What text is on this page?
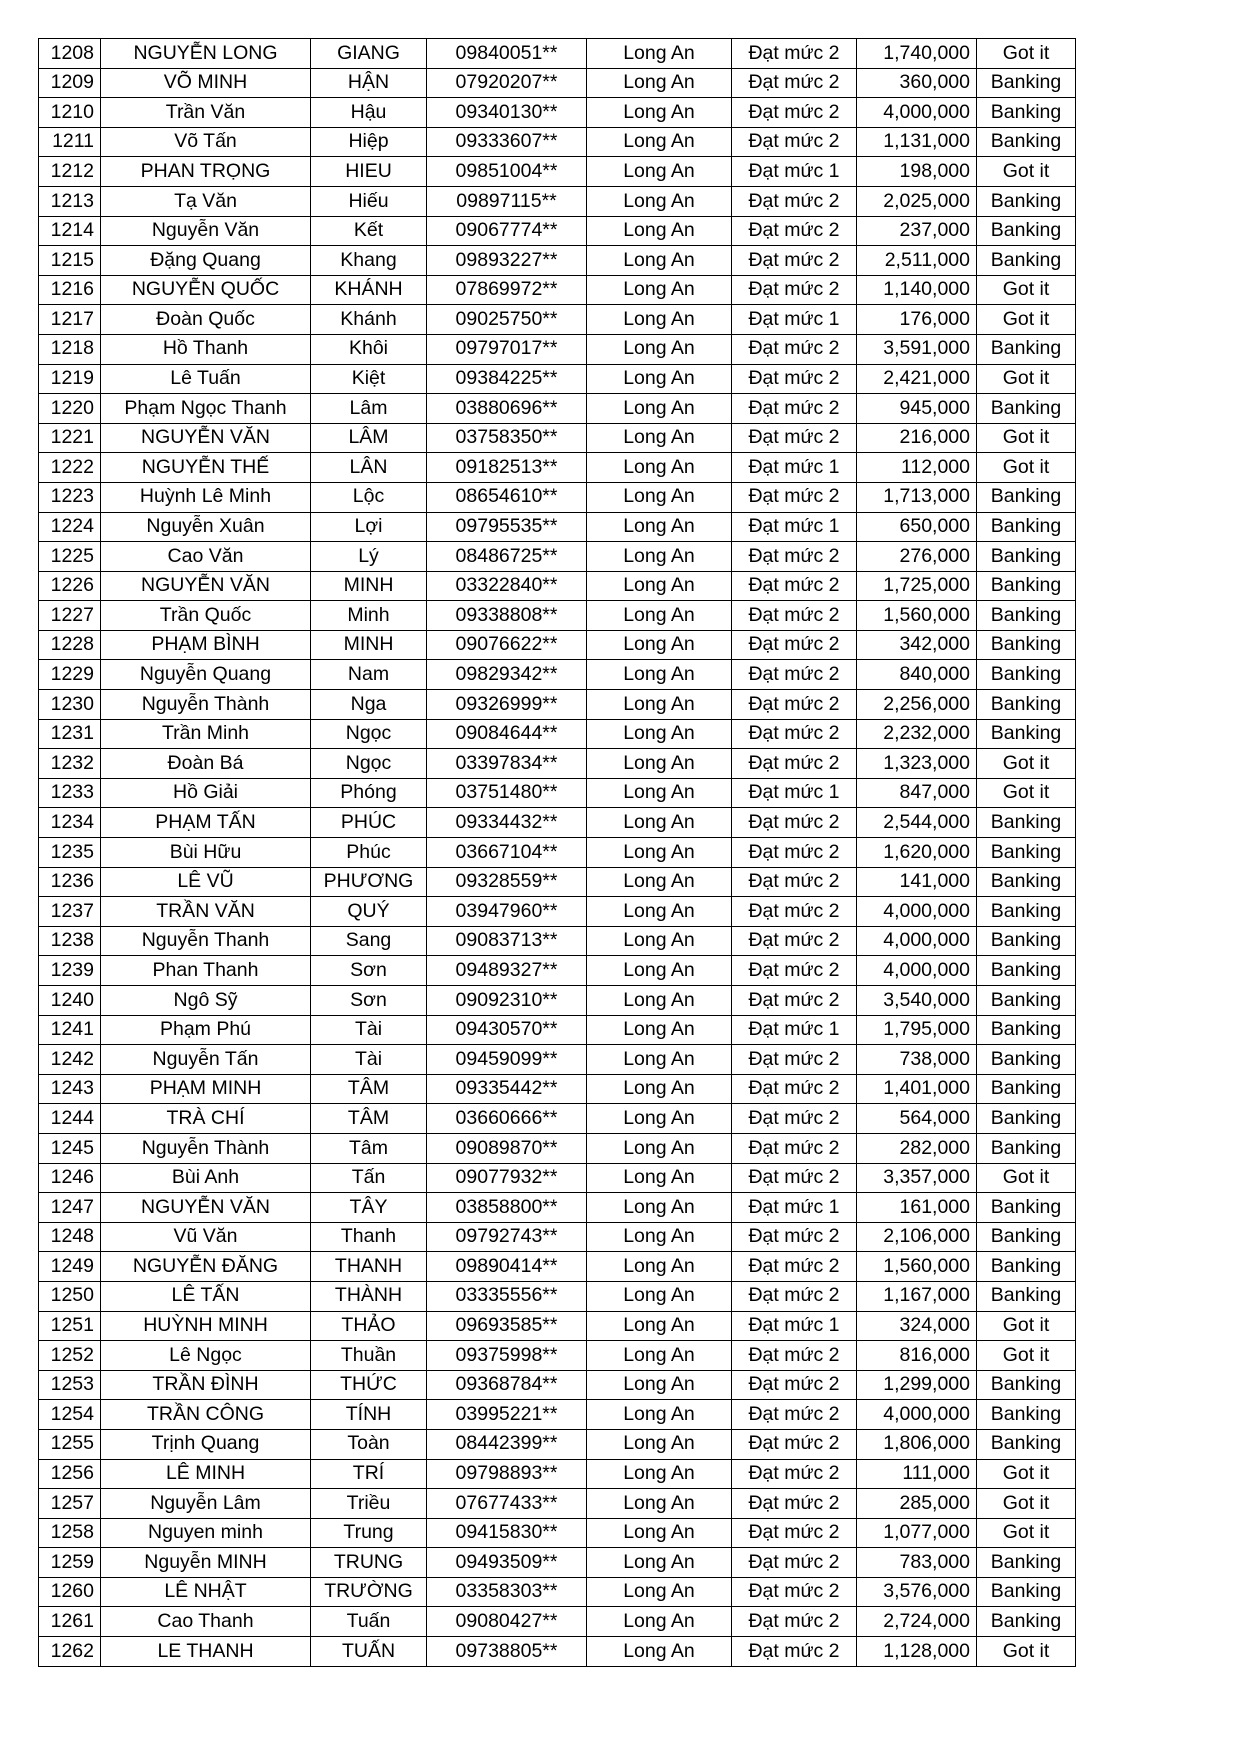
1208	NGUYỄN LONG	GIANG	09840051**	Long An	Đạt mức 2	1,740,000	Got it
1209	VÕ MINH	HẬN	07920207**	Long An	Đạt mức 2	360,000	Banking
1210	Trần Văn	Hậu	09340130**	Long An	Đạt mức 2	4,000,000	Banking
1211	Võ Tấn	Hiệp	09333607**	Long An	Đạt mức 2	1,131,000	Banking
1212	PHAN TRỌNG	HIEU	09851004**	Long An	Đạt mức 1	198,000	Got it
1213	Tạ Văn	Hiếu	09897115**	Long An	Đạt mức 2	2,025,000	Banking
1214	Nguyễn Văn	Kết	09067774**	Long An	Đạt mức 2	237,000	Banking
1215	Đặng Quang	Khang	09893227**	Long An	Đạt mức 2	2,511,000	Banking
1216	NGUYỄN QUỐC	KHÁNH	07869972**	Long An	Đạt mức 2	1,140,000	Got it
1217	Đoàn Quốc	Khánh	09025750**	Long An	Đạt mức 1	176,000	Got it
1218	Hồ Thanh	Khôi	09797017**	Long An	Đạt mức 2	3,591,000	Banking
1219	Lê Tuấn	Kiệt	09384225**	Long An	Đạt mức 2	2,421,000	Got it
1220	Phạm Ngọc Thanh	Lâm	03880696**	Long An	Đạt mức 2	945,000	Banking
1221	NGUYỄN VĂN	LÂM	03758350**	Long An	Đạt mức 2	216,000	Got it
1222	NGUYỄN THẾ	LÂN	09182513**	Long An	Đạt mức 1	112,000	Got it
1223	Huỳnh Lê Minh	Lộc	08654610**	Long An	Đạt mức 2	1,713,000	Banking
1224	Nguyễn Xuân	Lợi	09795535**	Long An	Đạt mức 1	650,000	Banking
1225	Cao Văn	Lý	08486725**	Long An	Đạt mức 2	276,000	Banking
1226	NGUYỄN VĂN	MINH	03322840**	Long An	Đạt mức 2	1,725,000	Banking
1227	Trần Quốc	Minh	09338808**	Long An	Đạt mức 2	1,560,000	Banking
1228	PHẠM BÌNH	MINH	09076622**	Long An	Đạt mức 2	342,000	Banking
1229	Nguyễn Quang	Nam	09829342**	Long An	Đạt mức 2	840,000	Banking
1230	Nguyễn Thành	Nga	09326999**	Long An	Đạt mức 2	2,256,000	Banking
1231	Trần Minh	Ngọc	09084644**	Long An	Đạt mức 2	2,232,000	Banking
1232	Đoàn Bá	Ngọc	03397834**	Long An	Đạt mức 2	1,323,000	Got it
1233	Hồ Giải	Phóng	03751480**	Long An	Đạt mức 1	847,000	Got it
1234	PHẠM TẤN	PHÚC	09334432**	Long An	Đạt mức 2	2,544,000	Banking
1235	Bùi Hữu	Phúc	03667104**	Long An	Đạt mức 2	1,620,000	Banking
1236	LÊ VŨ	PHƯƠNG	09328559**	Long An	Đạt mức 2	141,000	Banking
1237	TRẦN VĂN	QUÝ	03947960**	Long An	Đạt mức 2	4,000,000	Banking
1238	Nguyễn Thanh	Sang	09083713**	Long An	Đạt mức 2	4,000,000	Banking
1239	Phan Thanh	Sơn	09489327**	Long An	Đạt mức 2	4,000,000	Banking
1240	Ngô Sỹ	Sơn	09092310**	Long An	Đạt mức 2	3,540,000	Banking
1241	Phạm Phú	Tài	09430570**	Long An	Đạt mức 1	1,795,000	Banking
1242	Nguyễn Tấn	Tài	09459099**	Long An	Đạt mức 2	738,000	Banking
1243	PHẠM MINH	TÂM	09335442**	Long An	Đạt mức 2	1,401,000	Banking
1244	TRÀ CHÍ	TÂM	03660666**	Long An	Đạt mức 2	564,000	Banking
1245	Nguyễn Thành	Tâm	09089870**	Long An	Đạt mức 2	282,000	Banking
1246	Bùi Anh	Tấn	09077932**	Long An	Đạt mức 2	3,357,000	Got it
1247	NGUYỄN VĂN	TÂY	03858800**	Long An	Đạt mức 1	161,000	Banking
1248	Vũ Văn	Thanh	09792743**	Long An	Đạt mức 2	2,106,000	Banking
1249	NGUYỄN ĐĂNG	THANH	09890414**	Long An	Đạt mức 2	1,560,000	Banking
1250	LÊ TẤN	THÀNH	03335556**	Long An	Đạt mức 2	1,167,000	Banking
1251	HUỲNH MINH	THẢO	09693585**	Long An	Đạt mức 1	324,000	Got it
1252	Lê Ngọc	Thuần	09375998**	Long An	Đạt mức 2	816,000	Got it
1253	TRẦN ĐÌNH	THỨC	09368784**	Long An	Đạt mức 2	1,299,000	Banking
1254	TRẦN CÔNG	TÍNH	03995221**	Long An	Đạt mức 2	4,000,000	Banking
1255	Trịnh Quang	Toàn	08442399**	Long An	Đạt mức 2	1,806,000	Banking
1256	LÊ MINH	TRÍ	09798893**	Long An	Đạt mức 2	111,000	Got it
1257	Nguyễn Lâm	Triều	07677433**	Long An	Đạt mức 2	285,000	Got it
1258	Nguyen minh	Trung	09415830**	Long An	Đạt mức 2	1,077,000	Got it
1259	Nguyễn MINH	TRUNG	09493509**	Long An	Đạt mức 2	783,000	Banking
1260	LÊ NHẬT	TRƯỜNG	03358303**	Long An	Đạt mức 2	3,576,000	Banking
1261	Cao Thanh	Tuấn	09080427**	Long An	Đạt mức 2	2,724,000	Banking
1262	LE THANH	TUẤN	09738805**	Long An	Đạt mức 2	1,128,000	Got it
